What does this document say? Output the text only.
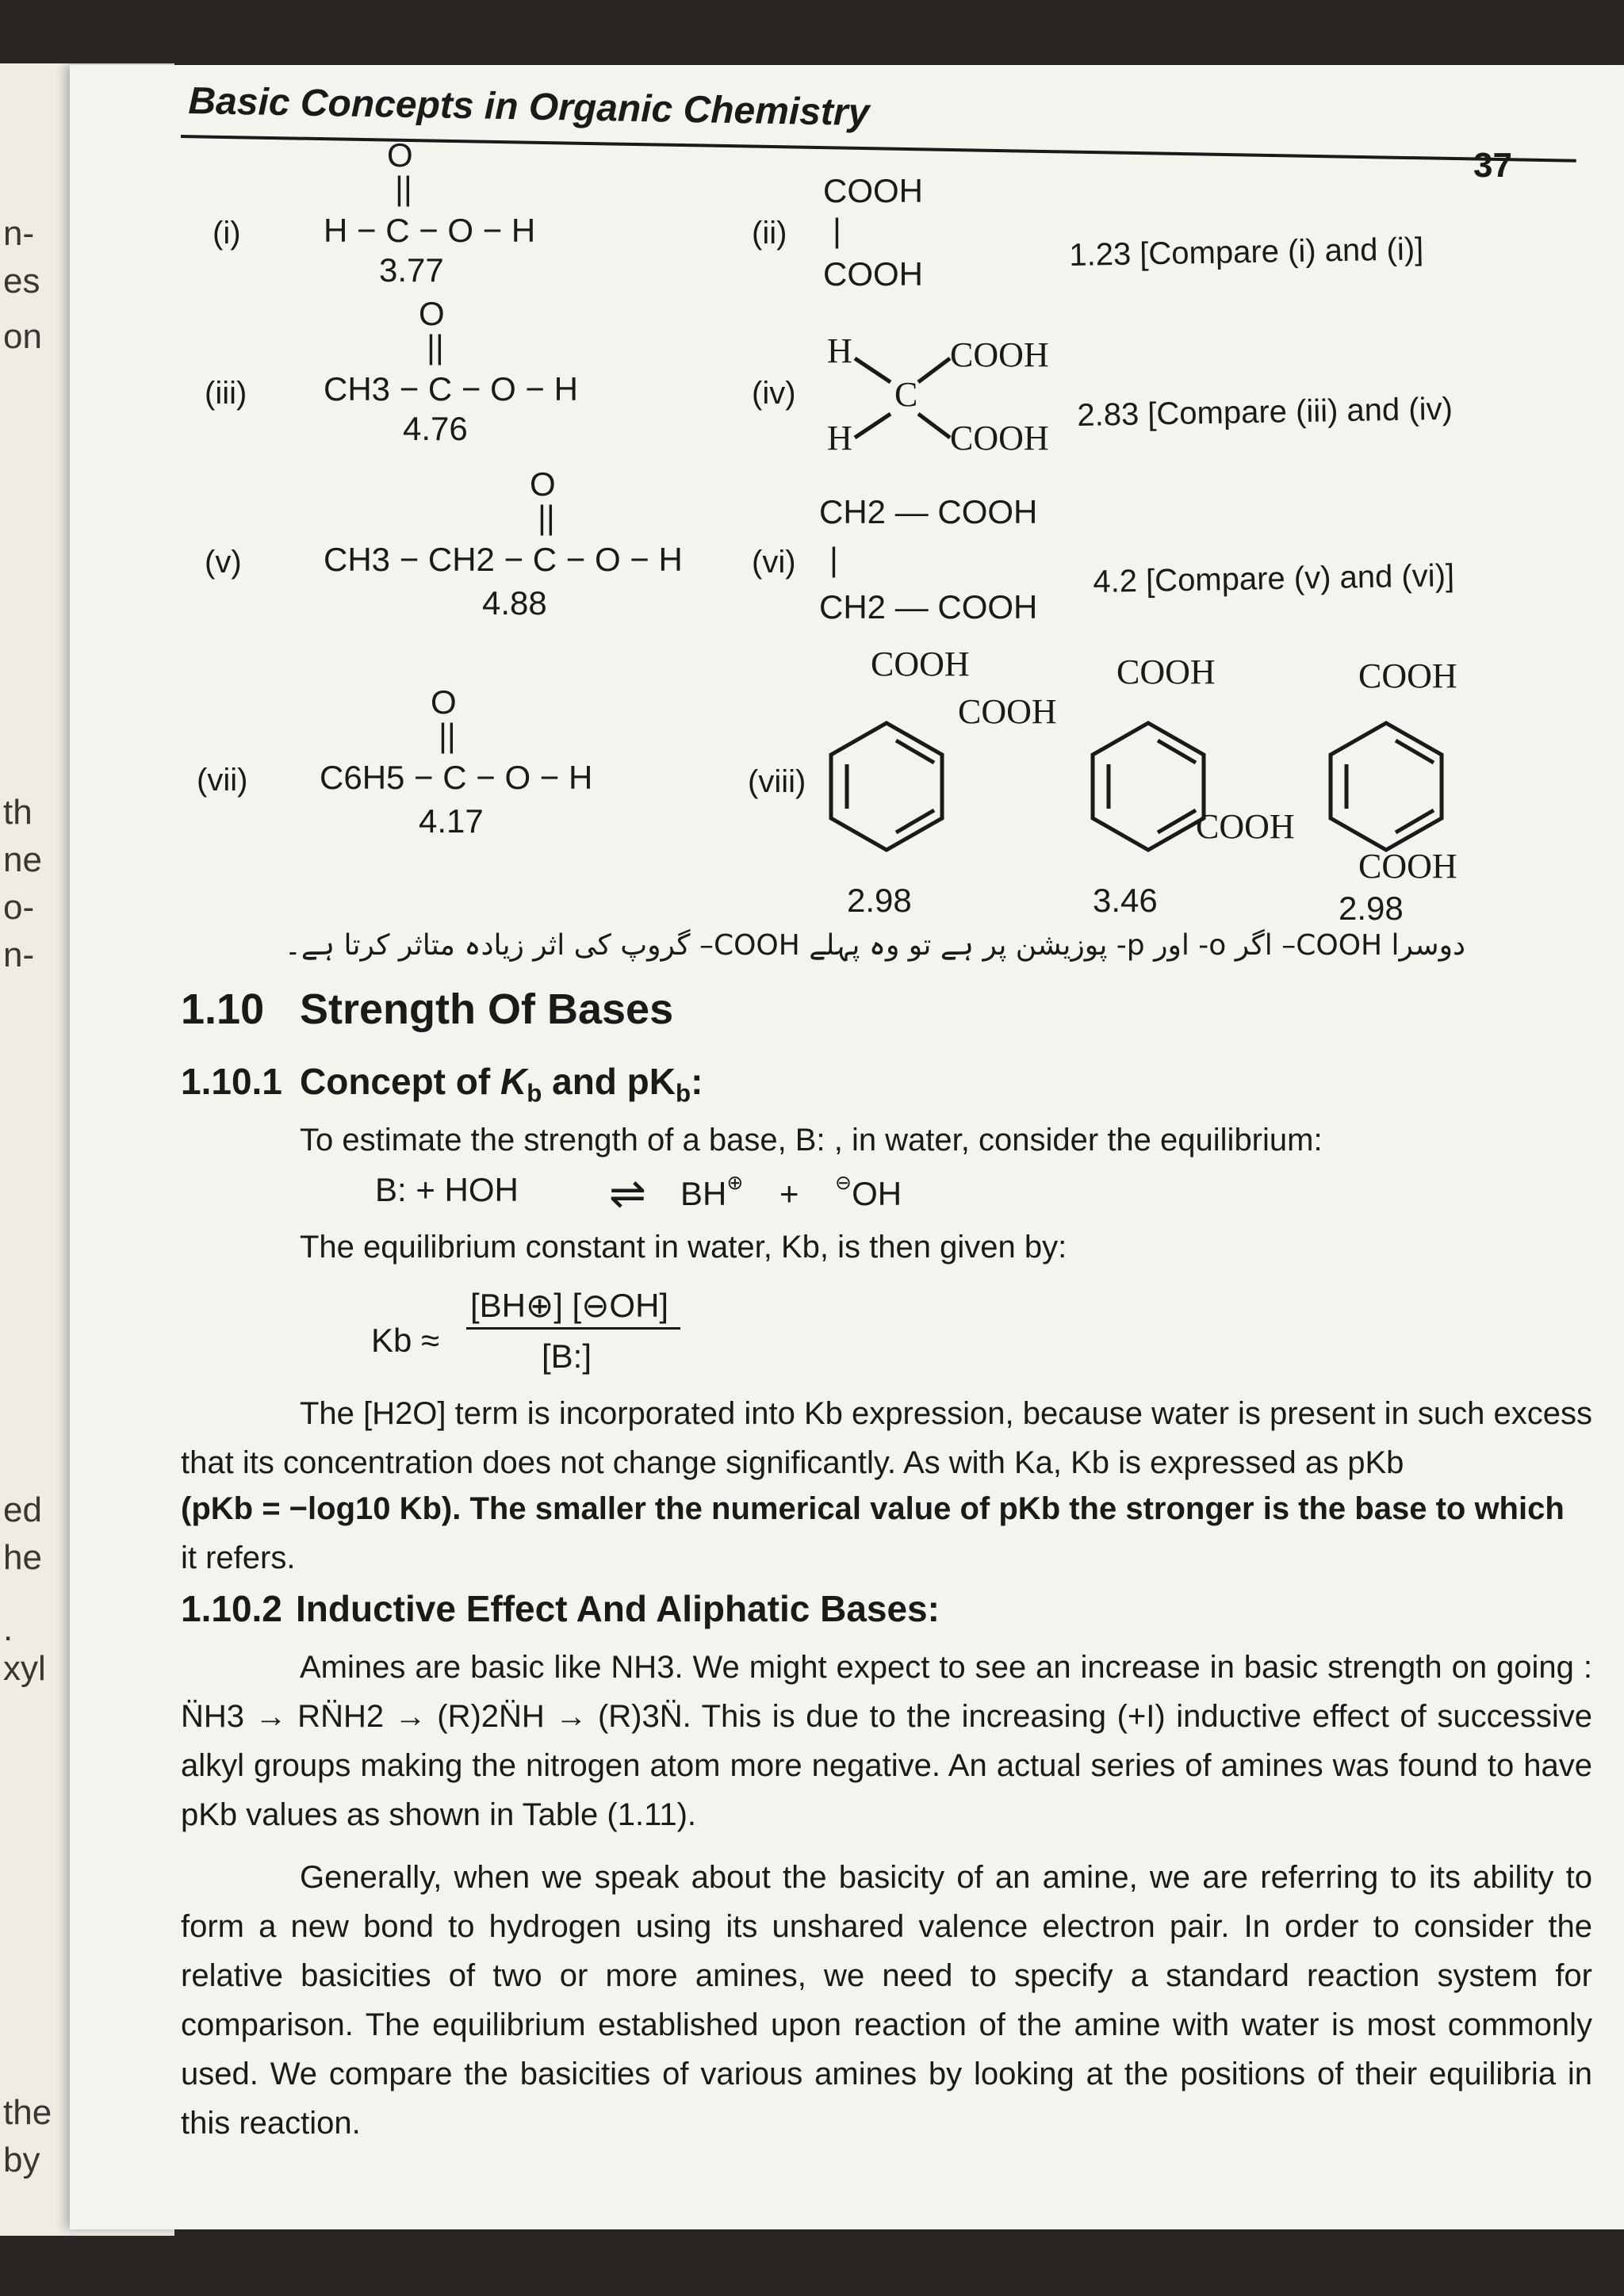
n-
es
on
th
ne
o-
n-
ed
he
.
xyl
the
by
Basic Concepts in Organic Chemistry
37
O
||
(i) H − C − O − H
3.77
(ii)
COOH
|
COOH
1.23 [Compare (i) and (i)]
O
||
(iii) CH3 − C − O − H
4.76
(iv)
H
H
C
COOH
COOH
2.83 [Compare (iii) and (iv)
O
||
(v) CH3 − CH2 − C − O − H
4.88
(vi)
CH2 — COOH
|
CH2 — COOH
4.2 [Compare (v) and (vi)]
O
||
(vii) C6H5 − C − O − H
4.17
(viii)
COOH
COOH
2.98
COOH
COOH
3.46
COOH
COOH
2.98
دوسرا COOH– اگر o- اور p- پوزیشن پر ہے تو وہ پہلے COOH– گروپ کی اثر زیادہ متاثر کرتا ہے۔
1.10 Strength Of Bases
1.10.1 Concept of $K_b$ and $pK_b$:
To estimate the strength of a base, B: , in water, consider the equilibrium:
B: + HOH ⇌ BH⊕ + ⊖OH
The equilibrium constant in water, Kb, is then given by:
Kb ≈
[BH⊕] [⊖OH]
[B:]
The [H2O] term is incorporated into Kb expression, because water is present in such excess that its concentration does not change significantly. As with Ka, Kb is expressed as pKb
(pKb = −log10 Kb). The smaller the numerical value of pKb the stronger is the base to which
it refers.
1.10.2 Inductive Effect And Aliphatic Bases:
Amines are basic like NH3. We might expect to see an increase in basic strength on going : N̈H3 → RN̈H2 → (R)2N̈H → (R)3N̈. This is due to the increasing (+I) inductive effect of successive alkyl groups making the nitrogen atom more negative. An actual series of amines was found to have pKb values as shown in Table (1.11).
Generally, when we speak about the basicity of an amine, we are referring to its ability to form a new bond to hydrogen using its unshared valence electron pair. In order to consider the relative basicities of two or more amines, we need to specify a standard reaction system for comparison. The equilibrium established upon reaction of the amine with water is most commonly used. We compare the basicities of various amines by looking at the positions of their equilibria in this reaction.
